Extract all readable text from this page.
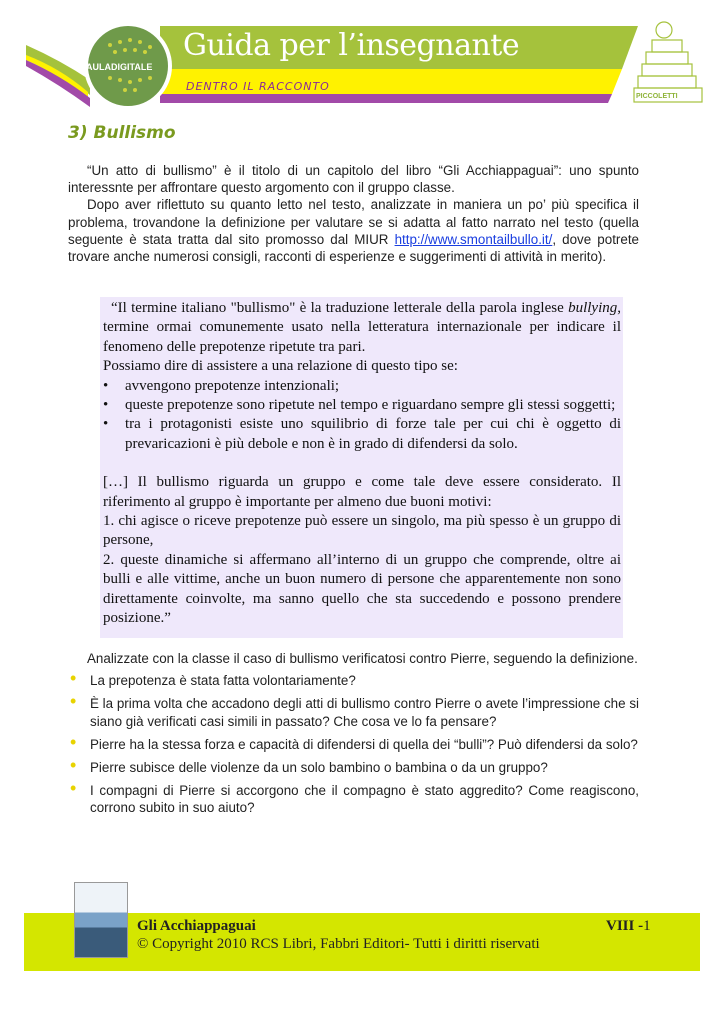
AULADIGITALE
Guida per l’insegnante
DENTRO IL RACCONTO
PICCOLETTI
3) Bullismo

“Un atto di bullismo” è il titolo di un capitolo del libro “Gli Acchiappaguai”: uno spunto interessnte per affrontare questo argomento con il gruppo classe.

Dopo aver riflettuto su quanto letto nel testo, analizzate in maniera un po’ più specifica il problema, trovandone la definizione per valutare se si adatta al fatto narrato nel testo (quella seguente è stata tratta dal sito promosso dal MIUR http://www.smontailbullo.it/, dove potrete trovare anche numerosi consigli, racconti di esperienze e suggerimenti di attività in merito).

“Il termine italiano "bullismo" è la traduzione letterale della parola inglese bullying, termine ormai comunemente usato nella letteratura internazionale per indicare il fenomeno delle prepotenze ripetute tra pari.

Possiamo dire di assistere a una relazione di questo tipo se:

• avvengono prepotenze intenzionali;
• queste prepotenze sono ripetute nel tempo e riguardano sempre gli stessi soggetti;
• tra i protagonisti esiste uno squilibrio di forze tale per cui chi è oggetto di prevaricazioni è più debole e non è in grado di difendersi da solo.

[…] Il bullismo riguarda un gruppo e come tale deve essere considerato. Il riferimento al gruppo è importante per almeno due buoni motivi:

1. chi agisce o riceve prepotenze può essere un singolo, ma più spesso è un gruppo di persone,

2. queste dinamiche si affermano all’interno di un gruppo che comprende, oltre ai bulli e alle vittime, anche un buon numero di persone che apparentemente non sono direttamente coinvolte, ma sanno quello che sta succedendo e possono prendere posizione.”

Analizzate con la classe il caso di bullismo verificatosi contro Pierre, seguendo la definizione.

• La prepotenza è stata fatta volontariamente?
• È la prima volta che accadono degli atti di bullismo contro Pierre o avete l’impressione che si siano già verificati casi simili in passato? Che cosa ve lo fa pensare?
• Pierre ha la stessa forza e capacità di difendersi di quella dei “bulli”? Può difendersi da solo?
• Pierre subisce delle violenze da un solo bambino o bambina o da un gruppo?
• I compagni di Pierre si accorgono che il compagno è stato aggredito? Come reagiscono, corrono subito in suo aiuto?
Gli Acchiappaguai
© Copyright 2010 RCS Libri, Fabbri Editori- Tutti i diritti riservati
VIII -1
